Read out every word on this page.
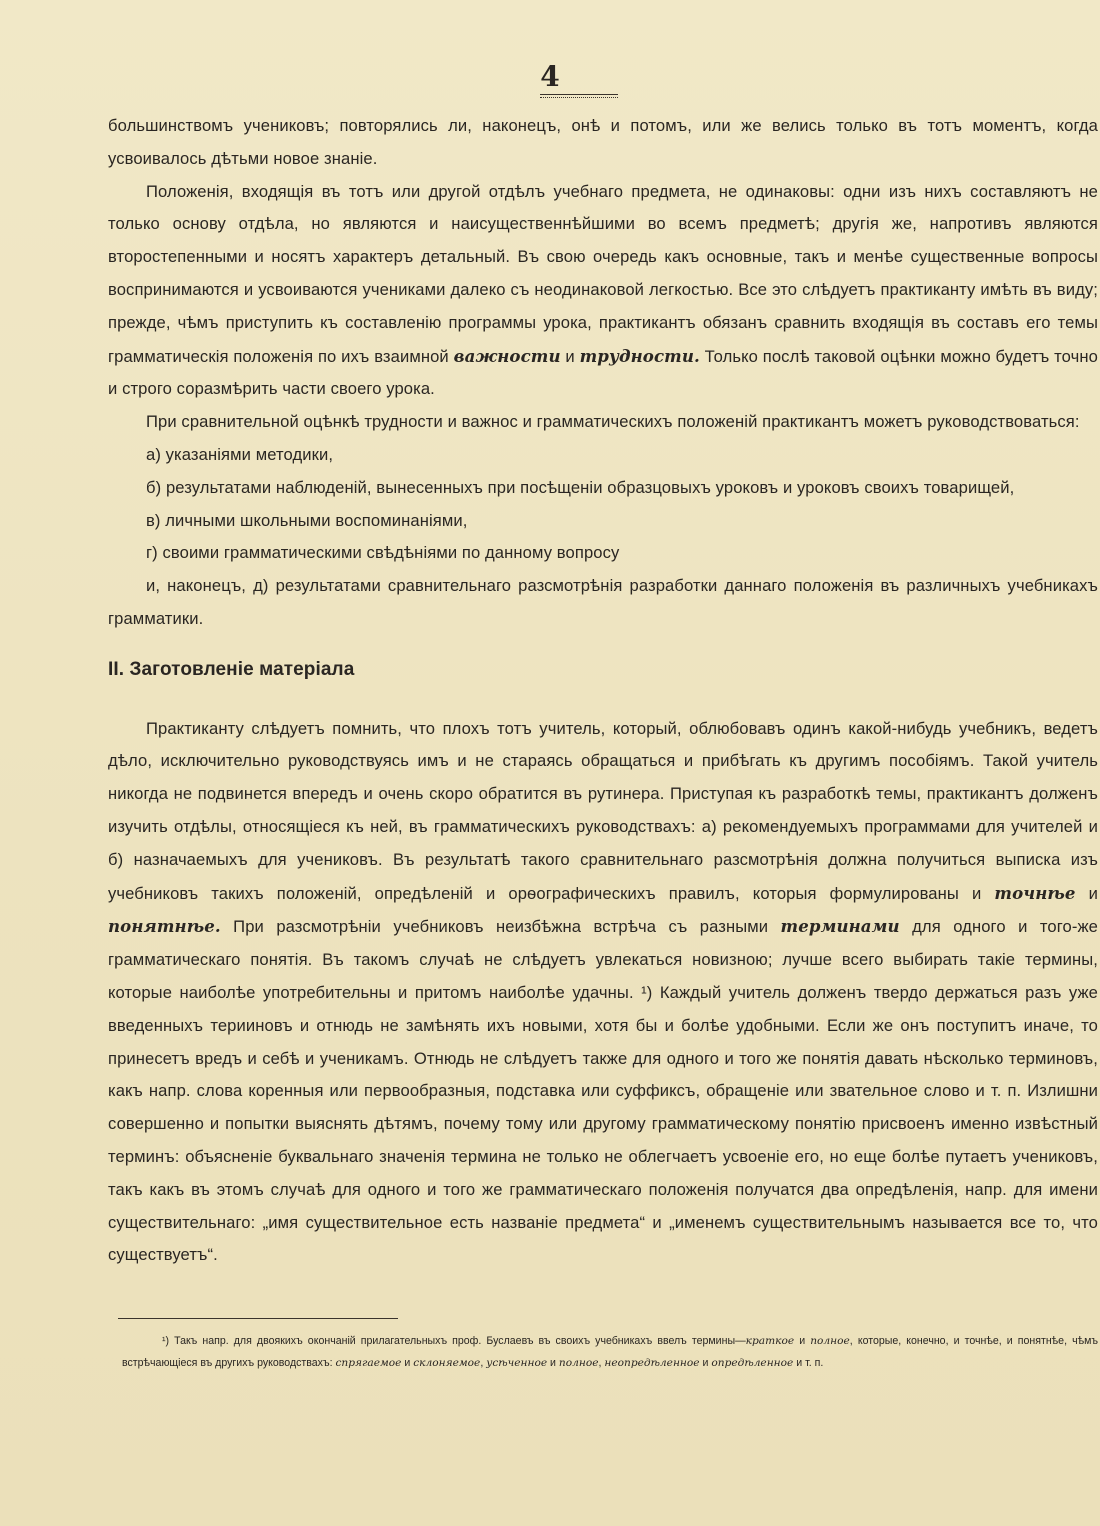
4

большинствомъ учениковъ; повторялись ли, наконецъ, онѣ и потомъ, или же велись только въ тотъ моментъ, когда усвоивалось дѣтьми новое знаніе.

Положенія, входящія въ тотъ или другой отдѣлъ учебнаго предмета, не одинаковы: одни изъ нихъ составляютъ не только основу отдѣла, но являются и наисущественнѣйшими во всемъ предметѣ; другія же, напротивъ являются второстепенными и носятъ характеръ детальный. Въ свою очередь какъ основные, такъ и менѣе существенные вопросы воспринимаются и усвоиваются учениками далеко съ неодинаковой легкостью. Все это слѣдуетъ практиканту имѣть въ виду; прежде, чѣмъ приступить къ составленію программы урока, практикантъ обязанъ сравнить входящія въ составъ его темы грамматическія положенія по ихъ взаимной важности и трудности. Только послѣ таковой оцѣнки можно будетъ точно и строго соразмѣрить части своего урока.

При сравнительной оцѣнкѣ трудности и важнос и грамматическихъ положеній практикантъ можетъ руководствоваться:

а) указаніями методики,

б) результатами наблюденій, вынесенныхъ при посѣщеніи образцовыхъ уроковъ и уроковъ своихъ товарищей,

в) личными школьными воспоминаніями,

г) своими грамматическими свѣдѣніями по данному вопросу

и, наконецъ, д) результатами сравнительнаго разсмотрѣнія разработки даннаго положенія въ различныхъ учебникахъ грамматики.

II. Заготовленіе матеріала

Практиканту слѣдуетъ помнить, что плохъ тотъ учитель, который, облюбовавъ одинъ какой-нибудь учебникъ, ведетъ дѣло, исключительно руководствуясь имъ и не стараясь обращаться и прибѣгать къ другимъ пособіямъ. Такой учитель никогда не подвинется впередъ и очень скоро обратится въ рутинера. Приступая къ разработкѣ темы, практикантъ долженъ изучить отдѣлы, относящіеся къ ней, въ грамматическихъ руководствахъ: а) рекомендуемыхъ программами для учителей и б) назначаемыхъ для учениковъ. Въ результатѣ такого сравнительнаго разсмотрѣнія должна получиться выписка изъ учебниковъ такихъ положеній, опредѣленій и орѳографическихъ правилъ, которыя формулированы и точнѣе и понятнѣе. При разсмотрѣніи учебниковъ неизбѣжна встрѣча съ разными терминами для одного и того-же грамматическаго понятія. Въ такомъ случаѣ не слѣдуетъ увлекаться новизною; лучше всего выбирать такіе термины, которые наиболѣе употребительны и притомъ наиболѣе удачны. ¹) Каждый учитель долженъ твердо держаться разъ уже введенныхъ терииновъ и отнюдь не замѣнять ихъ новыми, хотя бы и болѣе удобными. Если же онъ поступитъ иначе, то принесетъ вредъ и себѣ и ученикамъ. Отнюдь не слѣдуетъ также для одного и того же понятія давать нѣсколько терминовъ, какъ напр. слова коренныя или первообразныя, подставка или суффиксъ, обращеніе или звательное слово и т. п. Излишни совершенно и попытки выяснять дѣтямъ, почему тому или другому грамматическому понятію присвоенъ именно извѣстный терминъ: объясненіе буквальнаго значенія термина не только не облегчаетъ усвоеніе его, но еще болѣе путаетъ учениковъ, такъ какъ въ этомъ случаѣ для одного и того же грамматическаго положенія получатся два опредѣленія, напр. для имени существительнаго: „имя существительное есть названіе предмета“ и „именемъ существительнымъ называется все то, что существуетъ“.

¹) Такъ напр. для двоякихъ окончаній прилагательныхъ проф. Буслаевъ въ своихъ учебникахъ ввелъ термины—краткое и полное, которые, конечно, и точнѣе, и понятнѣе, чѣмъ встрѣчающіеся въ другихъ руководствахъ: спрягаемое и склоняемое, усѣченное и полное, неопредѣленное и опредѣленное и т. п.
